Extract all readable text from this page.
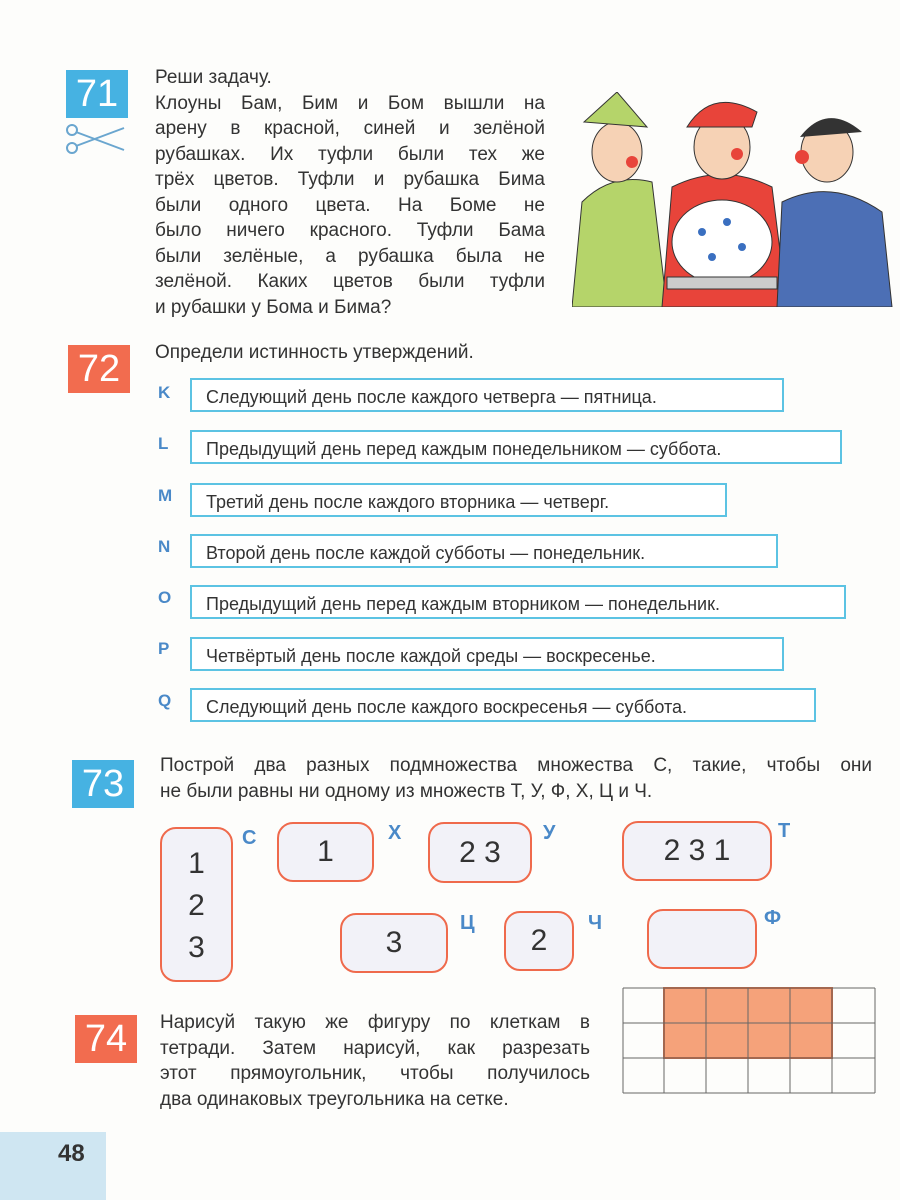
71	Реши задачу.
Клоуны Бам, Бим и Бом вышли на
арену в красной, синей и зелёной
рубашках. Их туфли были тех же
трёх цветов. Туфли и рубашка Бима
были одного цвета. На Боме не
было ничего красного. Туфли Бама
были зелёные, а рубашка была не
зелёной. Каких цветов были туфли
и рубашки у Бома и Бима?
72	Определи истинность утверждений.
K	Следующий день после каждого четверга — пятница.
L	Предыдущий день перед каждым понедельником — суббота.
M	Третий день после каждого вторника — четверг.
N	Второй день после каждой субботы — понедельник.
O	Предыдущий день перед каждым вторником — понедельник.
P	Четвёртый день после каждой среды — воскресенье.
Q	Следующий день после каждого воскресенья — суббота.
73	Построй два разных подмножества множества С, такие, чтобы они
не были равны ни одному из множеств Т, У, Ф, Х, Ц и Ч.
1
2
3
С	1
Х
2 3
У
2 3 1
Т
3
Ц
2
Ч	Ф
74	Нарисуй такую же фигуру по клеткам в
тетради. Затем нарисуй, как разрезать
этот прямоугольник, чтобы получилось
два одинаковых треугольника на сетке.
48
